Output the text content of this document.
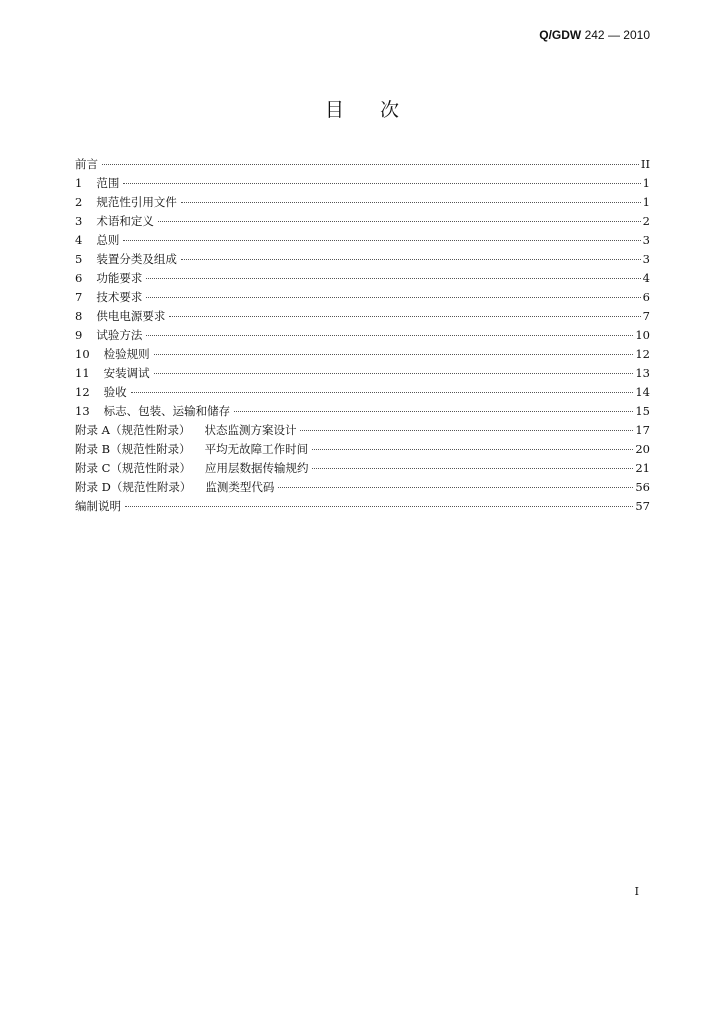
Q/GDW 242 — 2010
目次
前言	II
1 范围	1
2 规范性引用文件	1
3 术语和定义	2
4 总则	3
5 装置分类及组成	3
6 功能要求	4
7 技术要求	6
8 供电电源要求	7
9 试验方法	10
10 检验规则	12
11 安装调试	13
12 验收	14
13 标志、包装、运输和储存	15
附录 A（规范性附录） 状态监测方案设计	17
附录 B（规范性附录） 平均无故障工作时间	20
附录 C（规范性附录） 应用层数据传输规约	21
附录 D（规范性附录） 监测类型代码	56
编制说明	57
I
